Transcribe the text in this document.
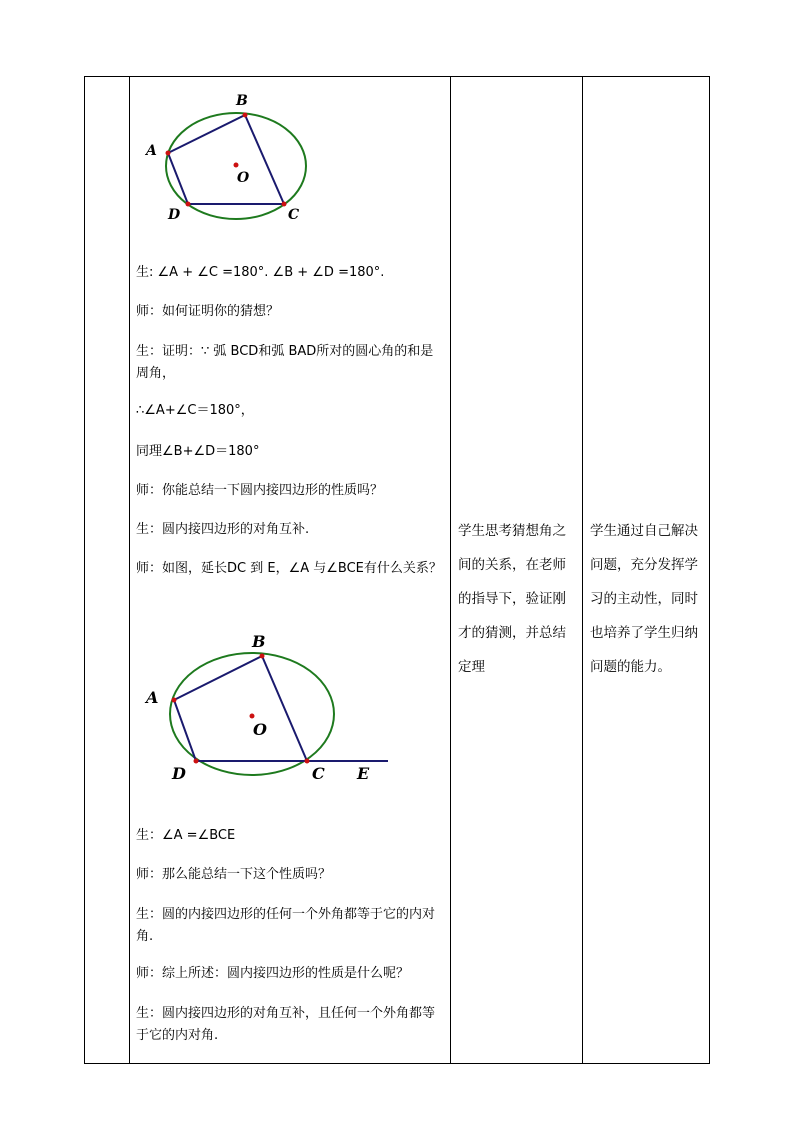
A
B
C
D
O
生: ∠A + ∠C =180°. ∠B + ∠D =180°.
师：如何证明你的猜想？
生：证明：∵ 弧 BCD和弧 BAD所对的圆心角的和是周角，
∴∠A+∠C＝180°，
同理∠B+∠D＝180°
师：你能总结一下圆内接四边形的性质吗？
生：圆内接四边形的对角互补.
师：如图，延长DC 到 E，∠A 与∠BCE有什么关系？
A
B
C
D	E
O
生：∠A =∠BCE
师：那么能总结一下这个性质吗？
生：圆的内接四边形的任何一个外角都等于它的内对角.
师：综上所述：圆内接四边形的性质是什么呢？
生：圆内接四边形的对角互补，且任何一个外角都等于它的内对角.
学生思考猜想角之间的关系，在老师的指导下，验证刚才的猜测，并总结定理
学生通过自己解决问题，充分发挥学习的主动性，同时也培养了学生归纳问题的能力。
